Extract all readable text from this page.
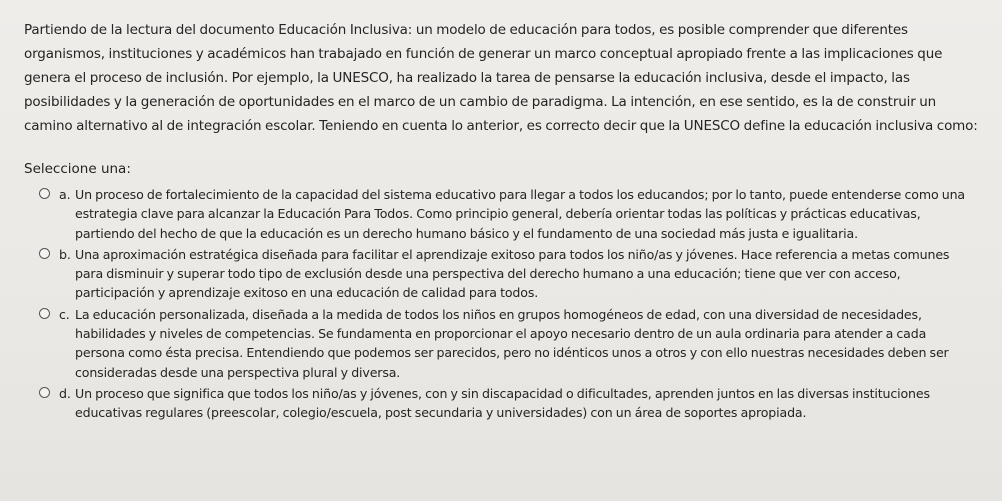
Partiendo de la lectura del documento Educación Inclusiva: un modelo de educación para todos, es posible comprender que diferentes organismos, instituciones y académicos han trabajado en función de generar un marco conceptual apropiado frente a las implicaciones que genera el proceso de inclusión. Por ejemplo, la UNESCO, ha realizado la tarea de pensarse la educación inclusiva, desde el impacto, las posibilidades y la generación de oportunidades en el marco de un cambio de paradigma. La intención, en ese sentido, es la de construir un camino alternativo al de integración escolar. Teniendo en cuenta lo anterior, es correcto decir que la UNESCO define la educación inclusiva como:

Seleccione una:
a. Un proceso de fortalecimiento de la capacidad del sistema educativo para llegar a todos los educandos; por lo tanto, puede entenderse como una estrategia clave para alcanzar la Educación Para Todos. Como principio general, debería orientar todas las políticas y prácticas educativas, partiendo del hecho de que la educación es un derecho humano básico y el fundamento de una sociedad más justa e igualitaria.
b. Una aproximación estratégica diseñada para facilitar el aprendizaje exitoso para todos los niño/as y jóvenes. Hace referencia a metas comunes para disminuir y superar todo tipo de exclusión desde una perspectiva del derecho humano a una educación; tiene que ver con acceso, participación y aprendizaje exitoso en una educación de calidad para todos.
c. La educación personalizada, diseñada a la medida de todos los niños en grupos homogéneos de edad, con una diversidad de necesidades, habilidades y niveles de competencias. Se fundamenta en proporcionar el apoyo necesario dentro de un aula ordinaria para atender a cada persona como ésta precisa. Entendiendo que podemos ser parecidos, pero no idénticos unos a otros y con ello nuestras necesidades deben ser consideradas desde una perspectiva plural y diversa.
d. Un proceso que significa que todos los niño/as y jóvenes, con y sin discapacidad o dificultades, aprenden juntos en las diversas instituciones educativas regulares (preescolar, colegio/escuela, post secundaria y universidades) con un área de soportes apropiada.
